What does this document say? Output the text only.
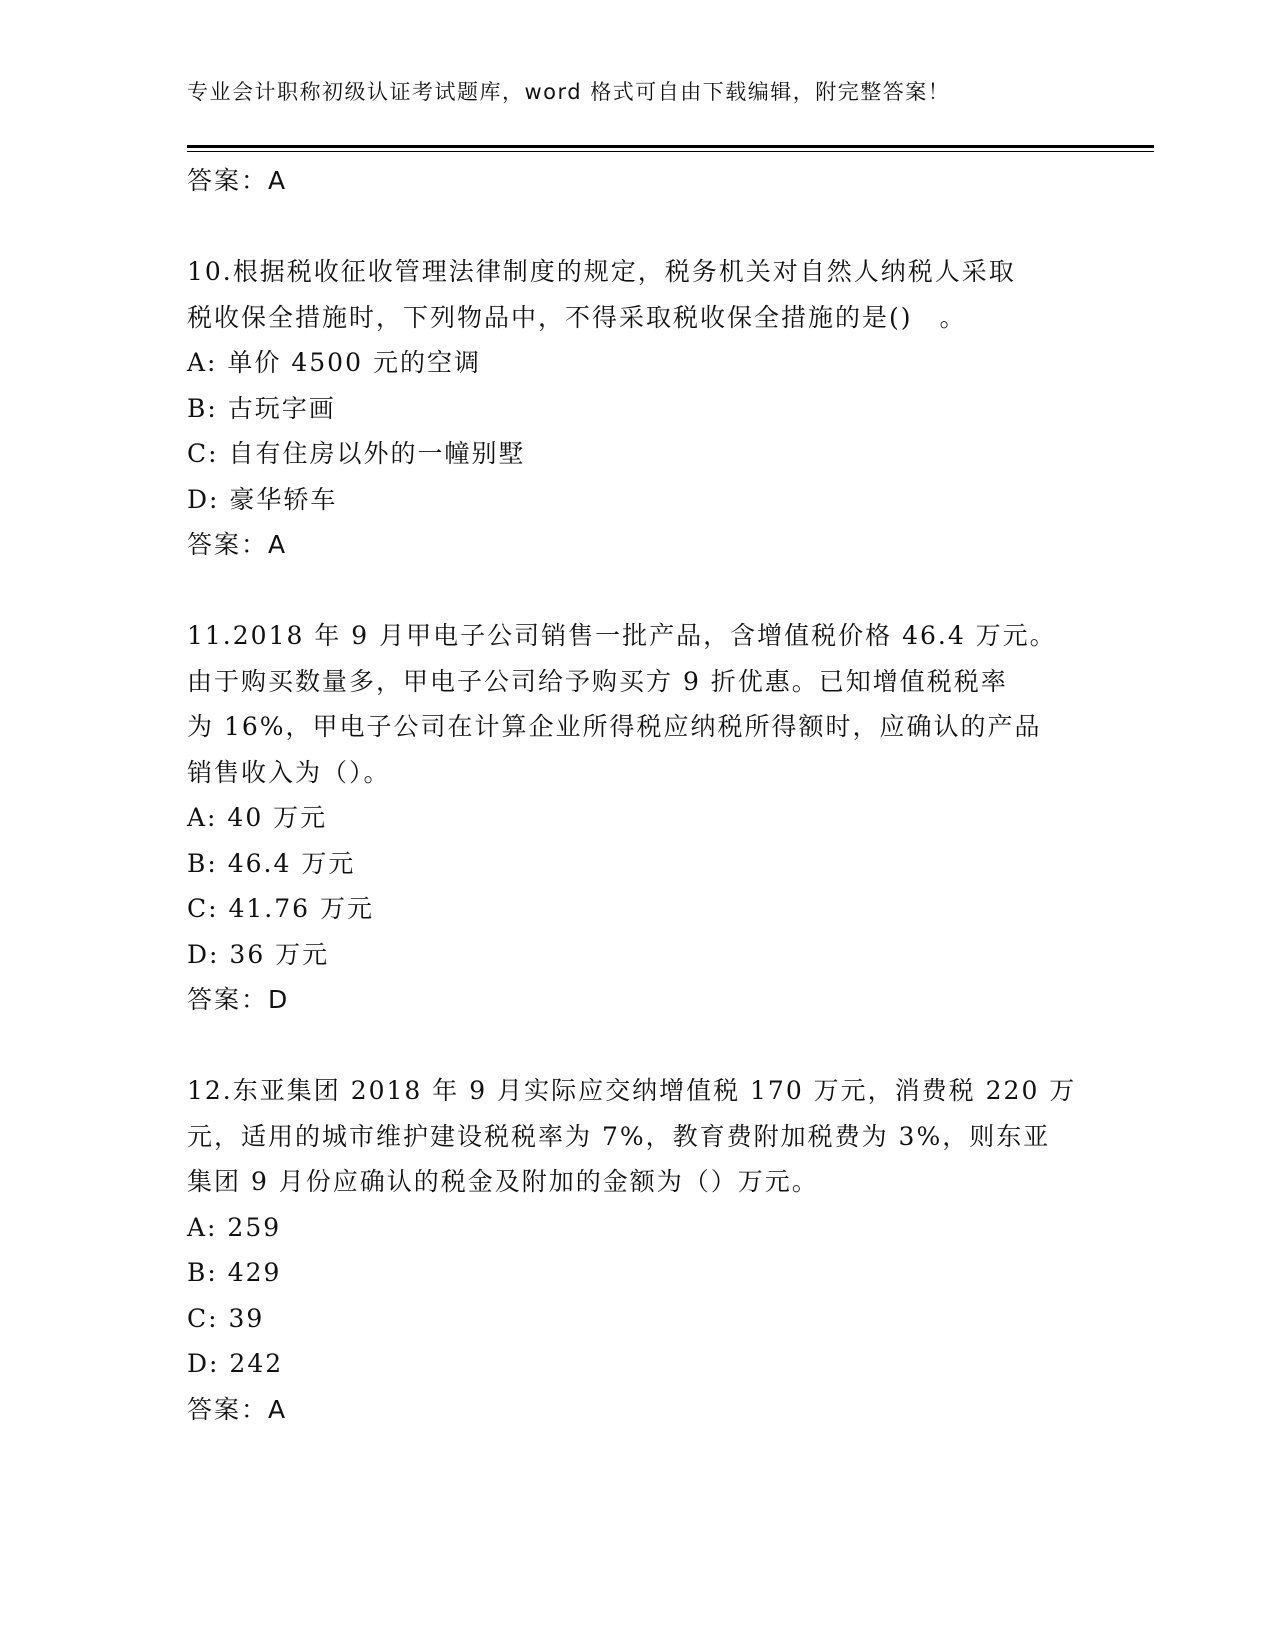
专业会计职称初级认证考试题库，word 格式可自由下载编辑，附完整答案！
答案：A
10.根据税收征收管理法律制度的规定，税务机关对自然人纳税人采取
税收保全措施时，下列物品中，不得采取税收保全措施的是()　。
A: 单价 4500 元的空调
B: 古玩字画
C: 自有住房以外的一幢别墅
D: 豪华轿车
答案：A
11.2018 年 9 月甲电子公司销售一批产品，含增值税价格 46.4 万元。
由于购买数量多，甲电子公司给予购买方 9 折优惠。已知增值税税率
为 16%，甲电子公司在计算企业所得税应纳税所得额时，应确认的产品
销售收入为（）。
A: 40 万元
B: 46.4 万元
C: 41.76 万元
D: 36 万元
答案：D
12.东亚集团 2018 年 9 月实际应交纳增值税 170 万元，消费税 220 万
元，适用的城市维护建设税税率为 7%，教育费附加税费为 3%，则东亚
集团 9 月份应确认的税金及附加的金额为（）万元。
A: 259
B: 429
C: 39
D: 242
答案：A
